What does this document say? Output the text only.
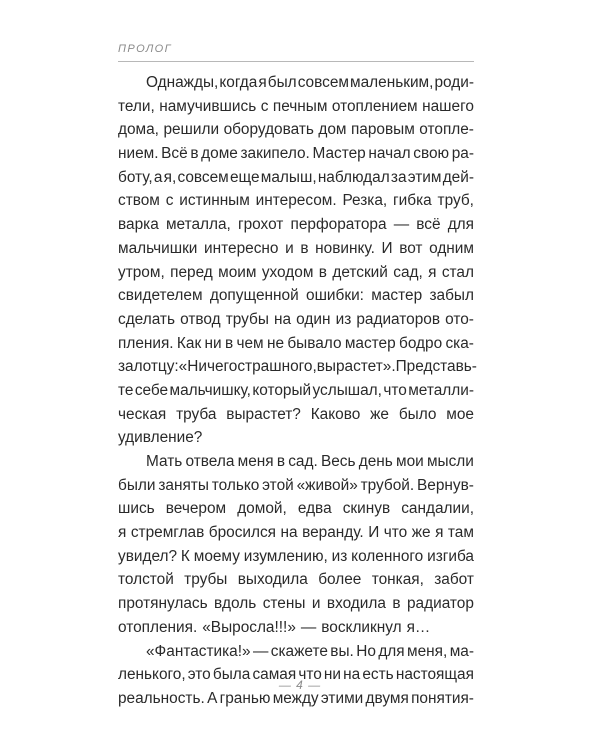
ПРОЛОГ
Однажды, когда я был совсем маленьким, роди-
тели, намучившись с печным отоплением нашего
дома, решили оборудовать дом паровым отопле-
нием. Всё в доме закипело. Мастер начал свою ра-
боту, а я, совсем еще малыш, наблюдал за этим дей-
ством с истинным интересом. Резка, гибка труб,
варка металла, грохот перфоратора — всё для
мальчишки интересно и в новинку. И вот одним
утром, перед моим уходом в детский сад, я стал
свидетелем допущенной ошибки: мастер забыл
сделать отвод трубы на один из радиаторов ото-
пления. Как ни в чем не бывало мастер бодро ска-
зал отцу: «Ничего страшного, вырастет». Представь-
те себе мальчишку, который услышал, что металли-
ческая труба вырастет? Каково же было мое
удивление?
Мать отвела меня в сад. Весь день мои мысли
были заняты только этой «живой» трубой. Вернув-
шись вечером домой, едва скинув сандалии,
я стремглав бросился на веранду. И что же я там
увидел? К моему изумлению, из коленного изгиба
толстой трубы выходила более тонкая, забот
протянулась вдоль стены и входила в радиатор
отопления. «Выросла!!!» — воскликнул я…
«Фантастика!» — скажете вы. Но для меня, ма-
ленького, это была самая что ни на есть настоящая
реальность. А гранью между этими двумя понятия-
— 4 —
